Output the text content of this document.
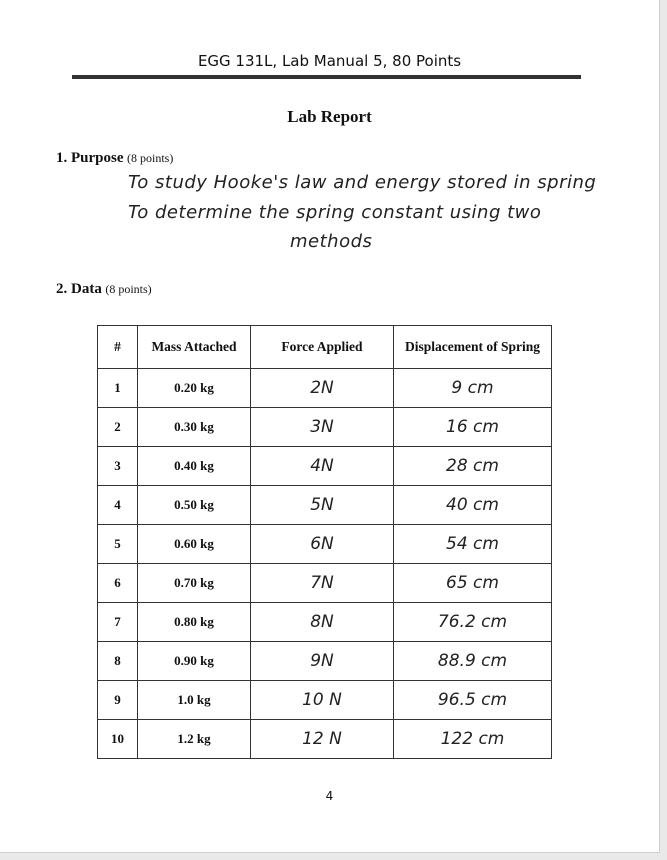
EGG 131L, Lab Manual 5, 80 Points
Lab Report
1. Purpose (8 points)
To study Hooke's law and energy stored in spring
To determine the spring constant using two
methods
2. Data (8 points)
#	Mass Attached	Force Applied	Displacement of Spring
1	0.20 kg	2N	9 cm
2	0.30 kg	3N	16 cm
3	0.40 kg	4N	28 cm
4	0.50 kg	5N	40 cm
5	0.60 kg	6N	54 cm
6	0.70 kg	7N	65 cm
7	0.80 kg	8N	76.2 cm
8	0.90 kg	9N	88.9 cm
9	1.0 kg	10 N	96.5 cm
10	1.2 kg	12 N	122 cm
4
